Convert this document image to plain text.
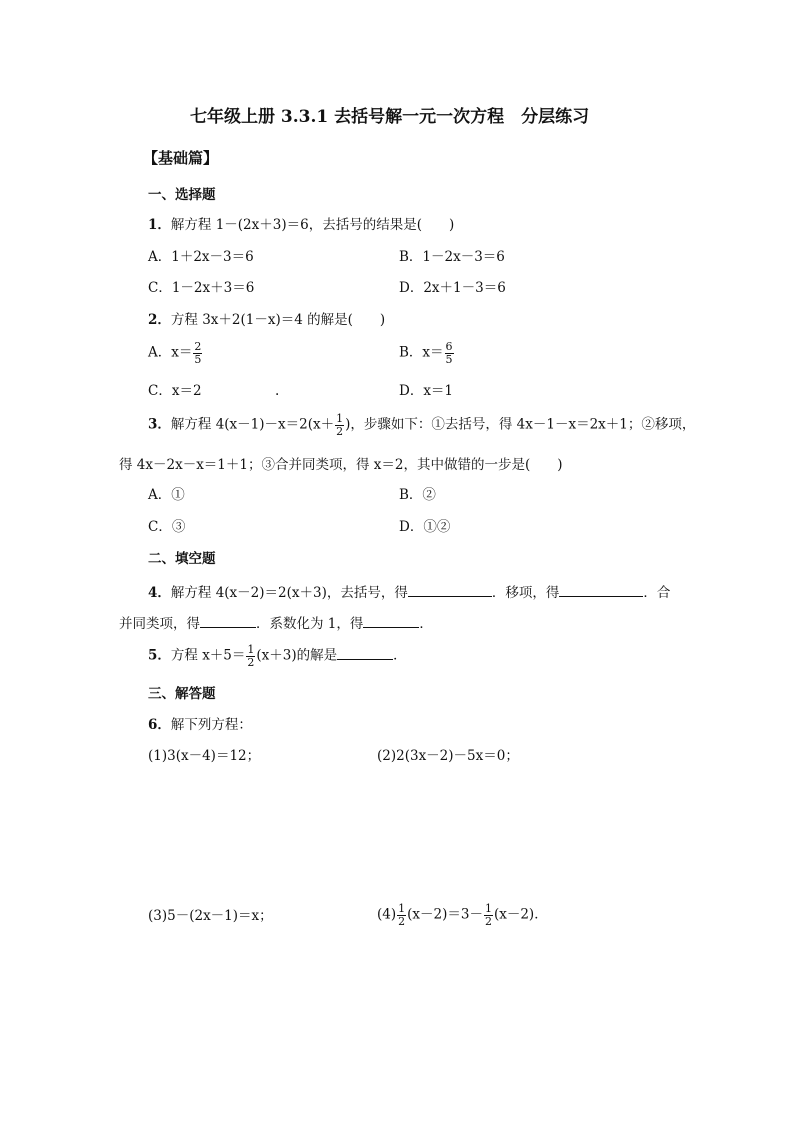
七年级上册 3.3.1 去括号解一元一次方程　分层练习
【基础篇】
一、选择题
1．解方程 1－(2x＋3)＝6，去括号的结果是(　　)
A．1＋2x－3＝6	B．1－2x－3＝6
C．1－2x＋3＝6	D．2x＋1－3＝6
2．方程 3x＋2(1－x)＝4 的解是(　　)
A．$x= \frac{2}{5}$	B．$x= \frac{6}{5}$
C．x＝2	.	D．x＝1
3．解方程 $4(x-1)-x=2(x+ \frac{1}{2}$ )，步骤如下：①去括号，得 4x－1－x＝2x＋1；②移项，
得 4x－2x－x＝1＋1；③合并同类项，得 x＝2，其中做错的一步是(　　)
A．①	B．②
C．③	D．①②
二、填空题
4．解方程 4(x－2)＝2(x＋3)，去括号，得	．移项，得	．合
并同类项，得	．系数化为 1，得	．
5．方程 $x+5= \frac{1}{2} (x+3)$的解是	．
三、解答题
6．解下列方程：
(1)3(x－4)＝12；	(2)2(3x－2)－5x＝0；
(3)5－(2x－1)＝x；	$(4) \frac{1}{2} (x-2)=3- \frac{1}{2} (x-2)$．
